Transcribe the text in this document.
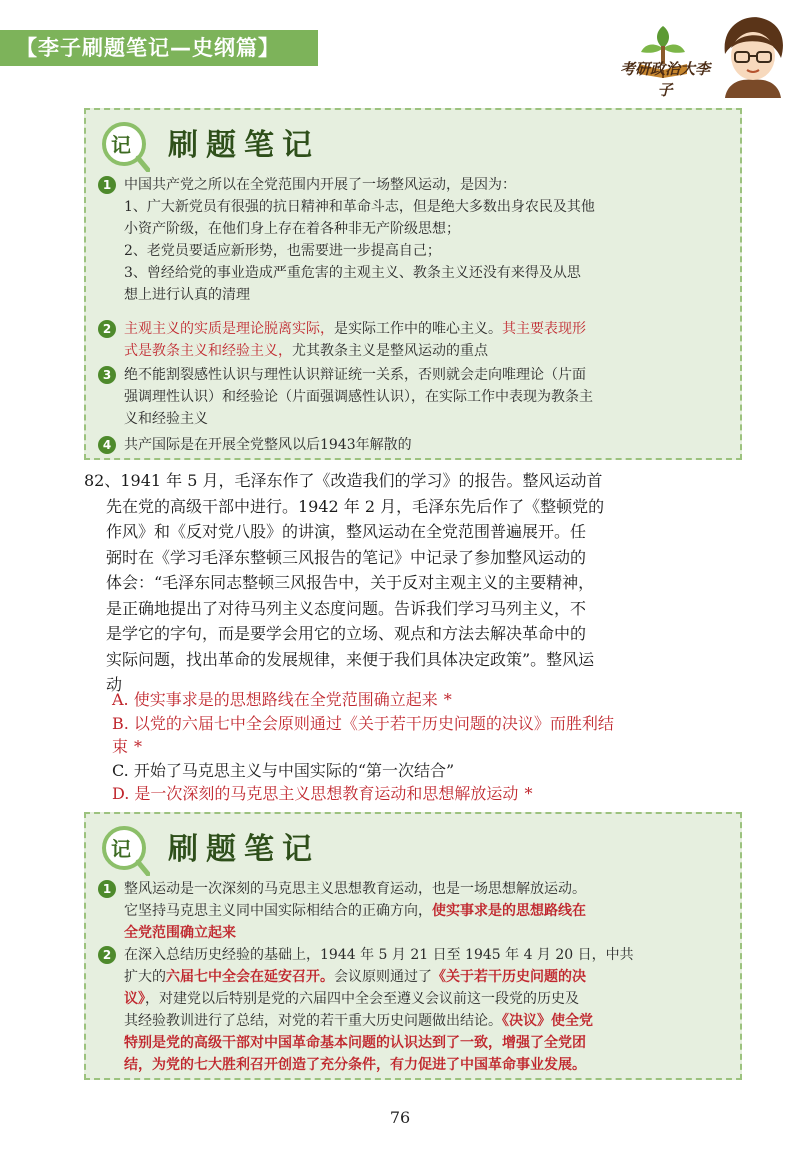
【李子刷题笔记—史纲篇】
考研政治大李子
记 刷题笔记
1 中国共产党之所以在全党范围内开展了一场整风运动，是因为：
1、广大新党员有很强的抗日精神和革命斗志，但是绝大多数出身农民及其他
小资产阶级，在他们身上存在着各种非无产阶级思想；
2、老党员要适应新形势，也需要进一步提高自己；
3、曾经给党的事业造成严重危害的主观主义、教条主义还没有来得及从思
想上进行认真的清理
2 主观主义的实质是理论脱离实际，是实际工作中的唯心主义。其主要表现形
式是教条主义和经验主义，尤其教条主义是整风运动的重点
3 绝不能割裂感性认识与理性认识辩证统一关系，否则就会走向唯理论（片面
强调理性认识）和经验论（片面强调感性认识），在实际工作中表现为教条主
义和经验主义
4 共产国际是在开展全党整风以后1943年解散的
82、1941 年 5 月，毛泽东作了《改造我们的学习》的报告。整风运动首
先在党的高级干部中进行。1942 年 2 月，毛泽东先后作了《整顿党的
作风》和《反对党八股》的讲演，整风运动在全党范围普遍展开。任
弼时在《学习毛泽东整顿三风报告的笔记》中记录了参加整风运动的
体会：“毛泽东同志整顿三风报告中，关于反对主观主义的主要精神，
是正确地提出了对待马列主义态度问题。告诉我们学习马列主义，不
是学它的字句，而是要学会用它的立场、观点和方法去解决革命中的
实际问题，找出革命的发展规律，来便于我们具体决定政策”。整风运
动
A. 使实事求是的思想路线在全党范围确立起来 *
B. 以党的六届七中全会原则通过《关于若干历史问题的决议》而胜利结
束 *
C. 开始了马克思主义与中国实际的“第一次结合”
D. 是一次深刻的马克思主义思想教育运动和思想解放运动 *
记 刷题笔记
1 整风运动是一次深刻的马克思主义思想教育运动，也是一场思想解放运动。
它坚持马克思主义同中国实际相结合的正确方向，使实事求是的思想路线在
全党范围确立起来
2 在深入总结历史经验的基础上，1944 年 5 月 21 日至 1945 年 4 月 20 日，中共
扩大的六届七中全会在延安召开。会议原则通过了《关于若干历史问题的决
议》，对建党以后特别是党的六届四中全会至遵义会议前这一段党的历史及
其经验教训进行了总结，对党的若干重大历史问题做出结论。《决议》使全党
特别是党的高级干部对中国革命基本问题的认识达到了一致，增强了全党团
结，为党的七大胜利召开创造了充分条件，有力促进了中国革命事业发展。
76
